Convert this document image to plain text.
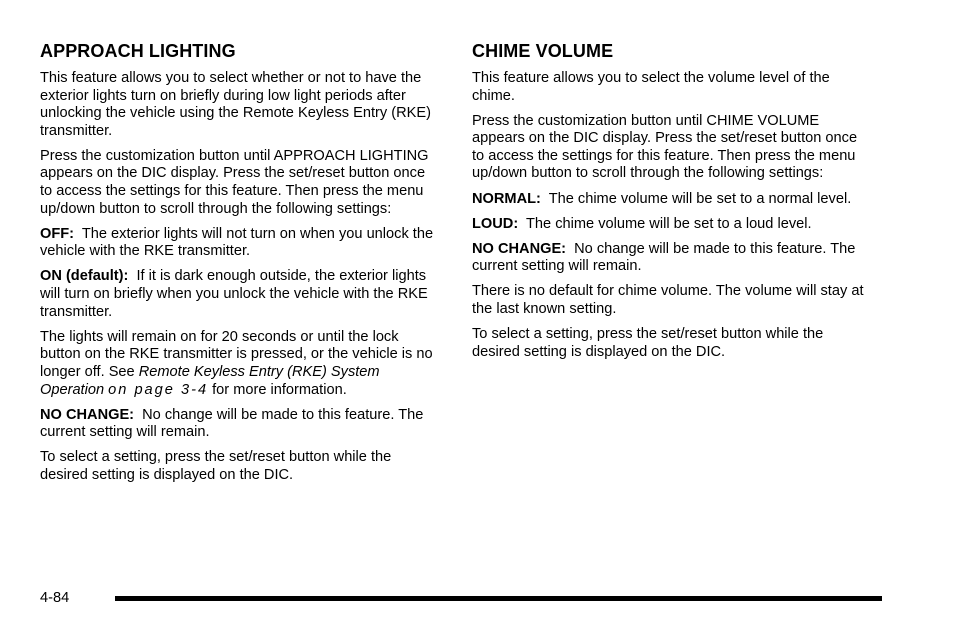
APPROACH LIGHTING

This feature allows you to select whether or not to have the exterior lights turn on briefly during low light periods after unlocking the vehicle using the Remote Keyless Entry (RKE) transmitter.

Press the customization button until APPROACH LIGHTING appears on the DIC display. Press the set/reset button once to access the settings for this feature. Then press the menu up/down button to scroll through the following settings:

OFF: The exterior lights will not turn on when you unlock the vehicle with the RKE transmitter.

ON (default): If it is dark enough outside, the exterior lights will turn on briefly when you unlock the vehicle with the RKE transmitter.

The lights will remain on for 20 seconds or until the lock button on the RKE transmitter is pressed, or the vehicle is no longer off. See Remote Keyless Entry (RKE) System Operation on page 3-4 for more information.

NO CHANGE: No change will be made to this feature. The current setting will remain.

To select a setting, press the set/reset button while the desired setting is displayed on the DIC.

CHIME VOLUME

This feature allows you to select the volume level of the chime.

Press the customization button until CHIME VOLUME appears on the DIC display. Press the set/reset button once to access the settings for this feature. Then press the menu up/down button to scroll through the following settings:

NORMAL: The chime volume will be set to a normal level.

LOUD: The chime volume will be set to a loud level.

NO CHANGE: No change will be made to this feature. The current setting will remain.

There is no default for chime volume. The volume will stay at the last known setting.

To select a setting, press the set/reset button while the desired setting is displayed on the DIC.

4-84
